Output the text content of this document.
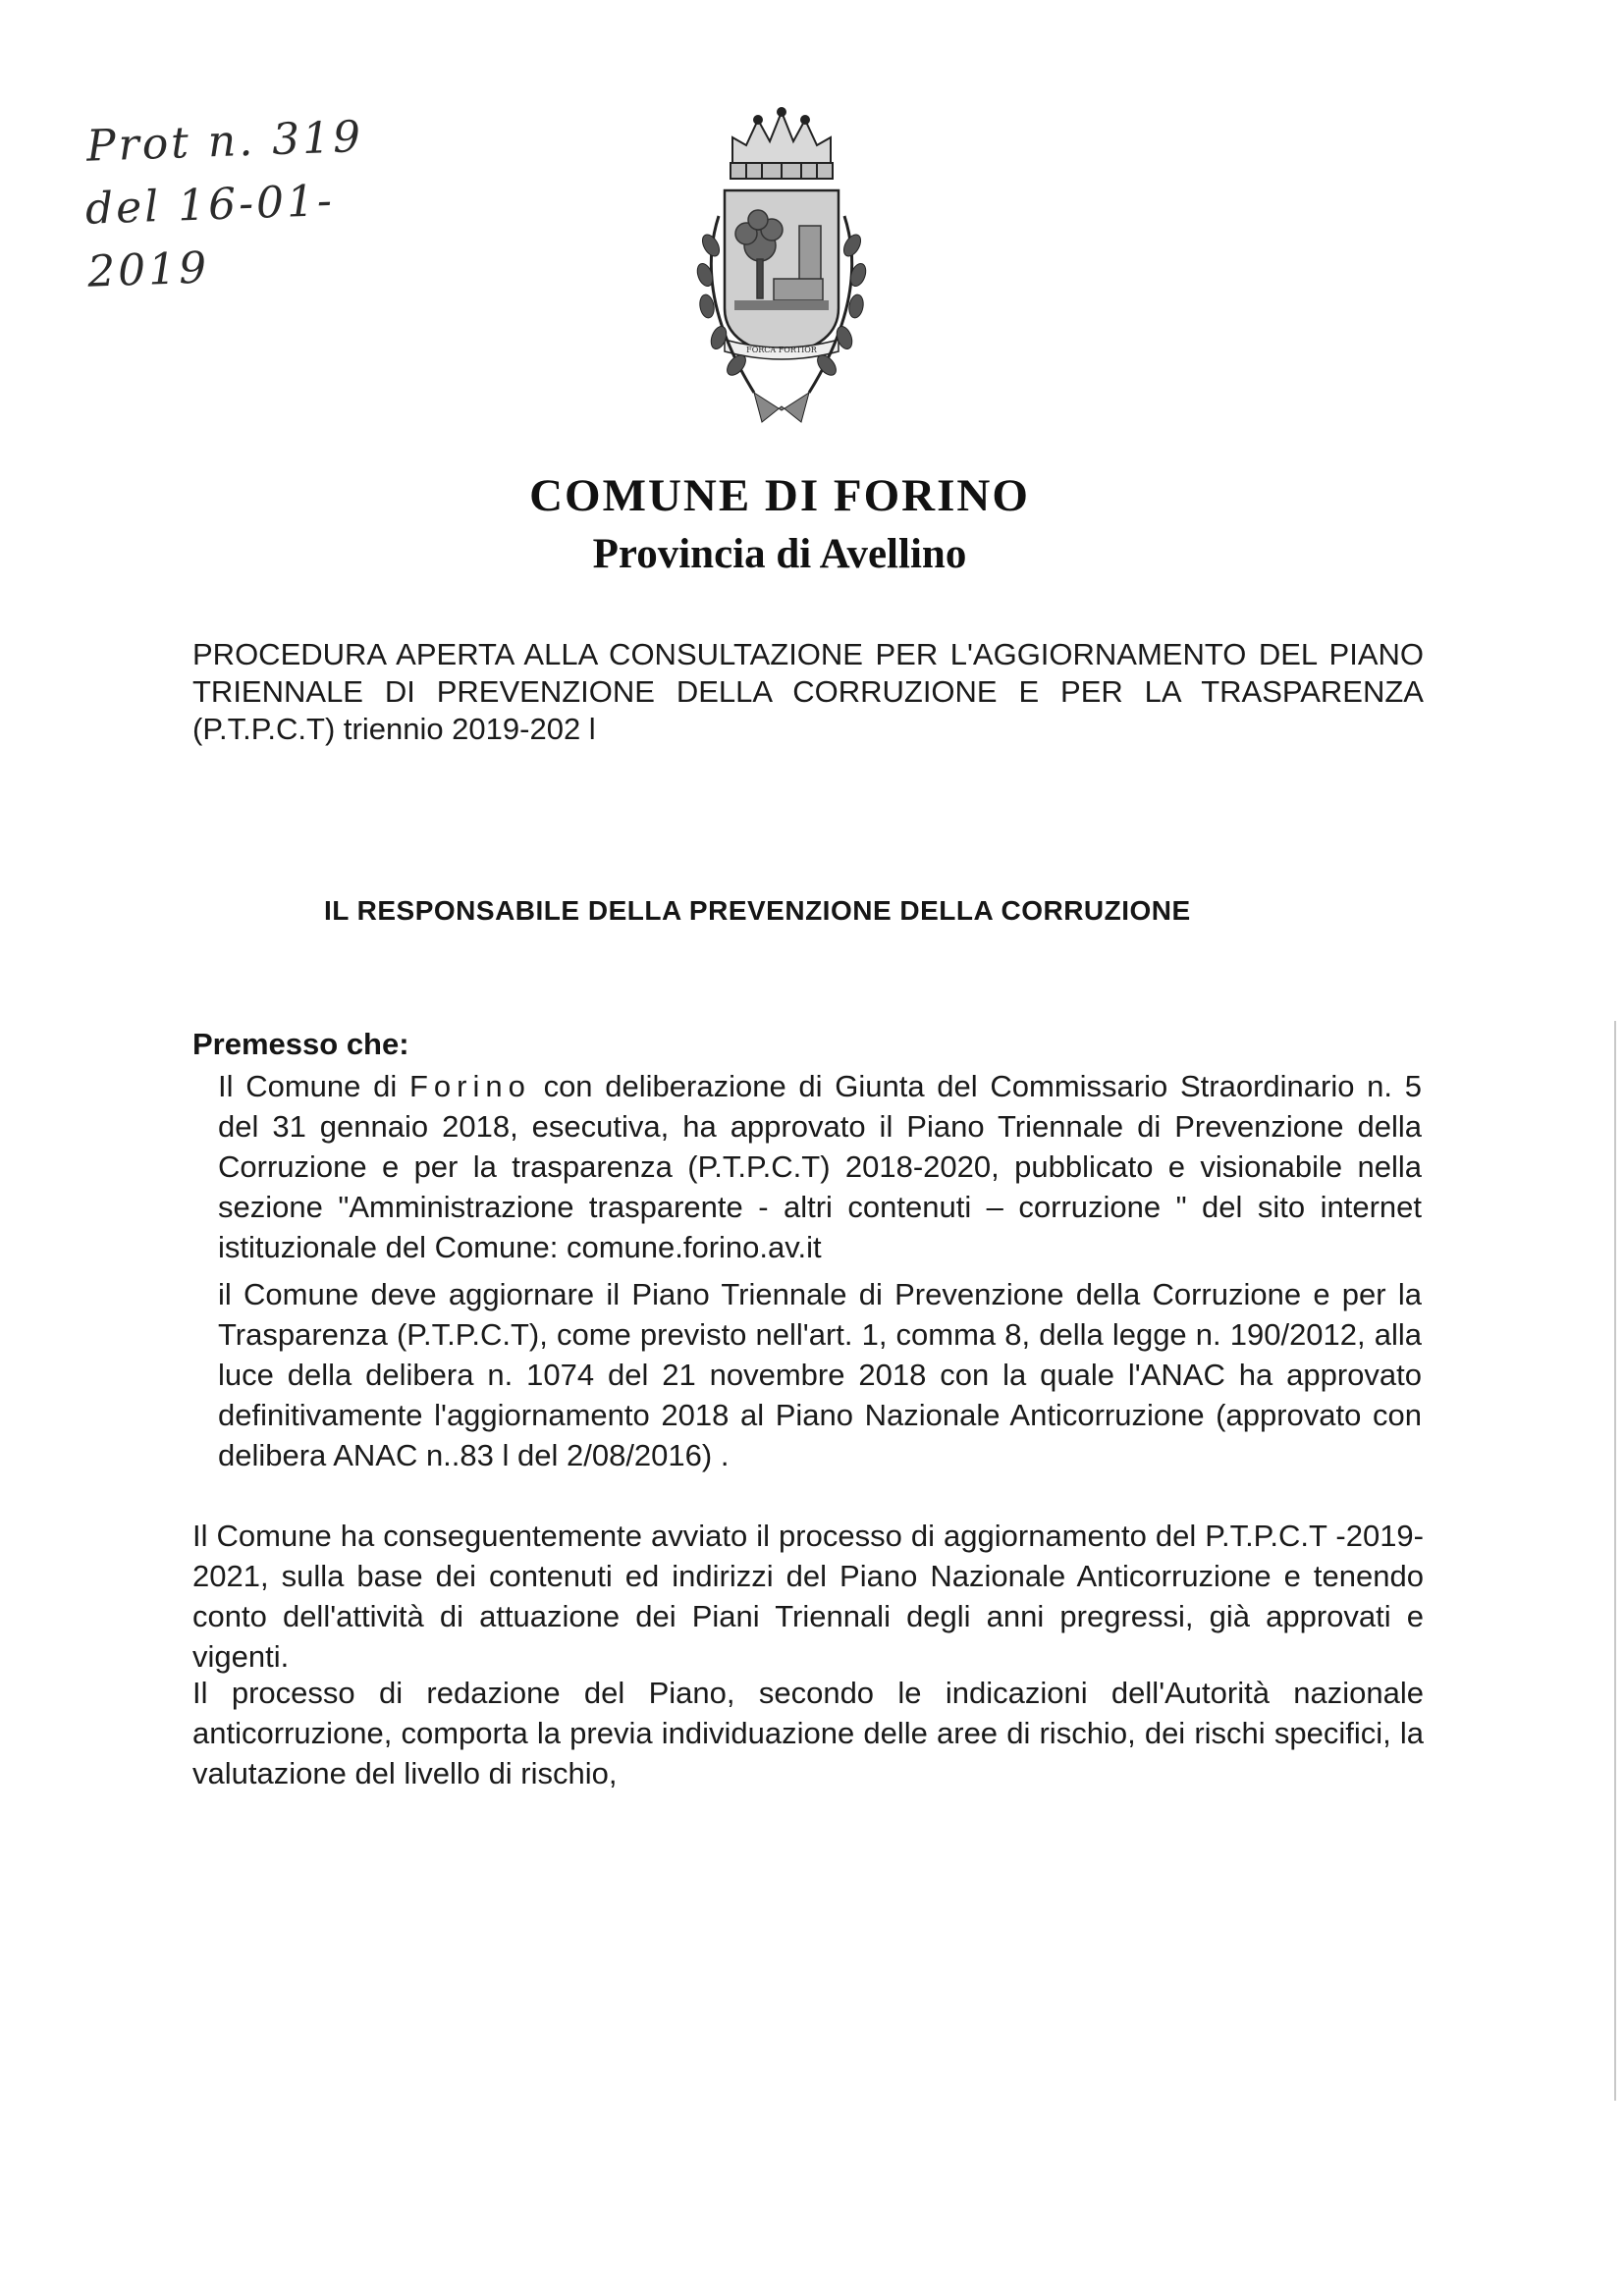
Prot n. 319
del 16-01-2019
FORCA FORTIOR
COMUNE DI FORINO
Provincia di Avellino
PROCEDURA APERTA ALLA CONSULTAZIONE PER L'AGGIORNAMENTO DEL PIANO TRIENNALE DI PREVENZIONE DELLA CORRUZIONE E PER LA TRASPARENZA (P.T.P.C.T) triennio 2019-202 l
IL RESPONSABILE DELLA PREVENZIONE DELLA CORRUZIONE
Premesso che:
Il Comune di Forino con deliberazione di Giunta del Commissario Straordinario n. 5 del 31 gennaio 2018, esecutiva, ha approvato il Piano Triennale di Prevenzione della Corruzione e per la trasparenza (P.T.P.C.T) 2018-2020, pubblicato e visionabile nella sezione "Amministrazione trasparente - altri contenuti – corruzione " del sito internet istituzionale del Comune: comune.forino.av.it
il Comune deve aggiornare il Piano Triennale di Prevenzione della Corruzione e per la Trasparenza (P.T.P.C.T), come previsto nell'art. 1, comma 8, della legge n. 190/2012, alla luce della delibera n. 1074 del 21 novembre 2018 con la quale l'ANAC ha approvato definitivamente l'aggiornamento 2018 al Piano Nazionale Anticorruzione (approvato con delibera ANAC n..83 l del 2/08/2016) .
Il Comune ha conseguentemente avviato il processo di aggiornamento del P.T.P.C.T -2019-2021, sulla base dei contenuti ed indirizzi del Piano Nazionale Anticorruzione e tenendo conto dell'attività di attuazione dei Piani Triennali degli anni pregressi, già approvati e vigenti.
Il processo di redazione del Piano, secondo le indicazioni dell'Autorità nazionale anticorruzione, comporta la previa individuazione delle aree di rischio, dei rischi specifici, la valutazione del livello di rischio,
